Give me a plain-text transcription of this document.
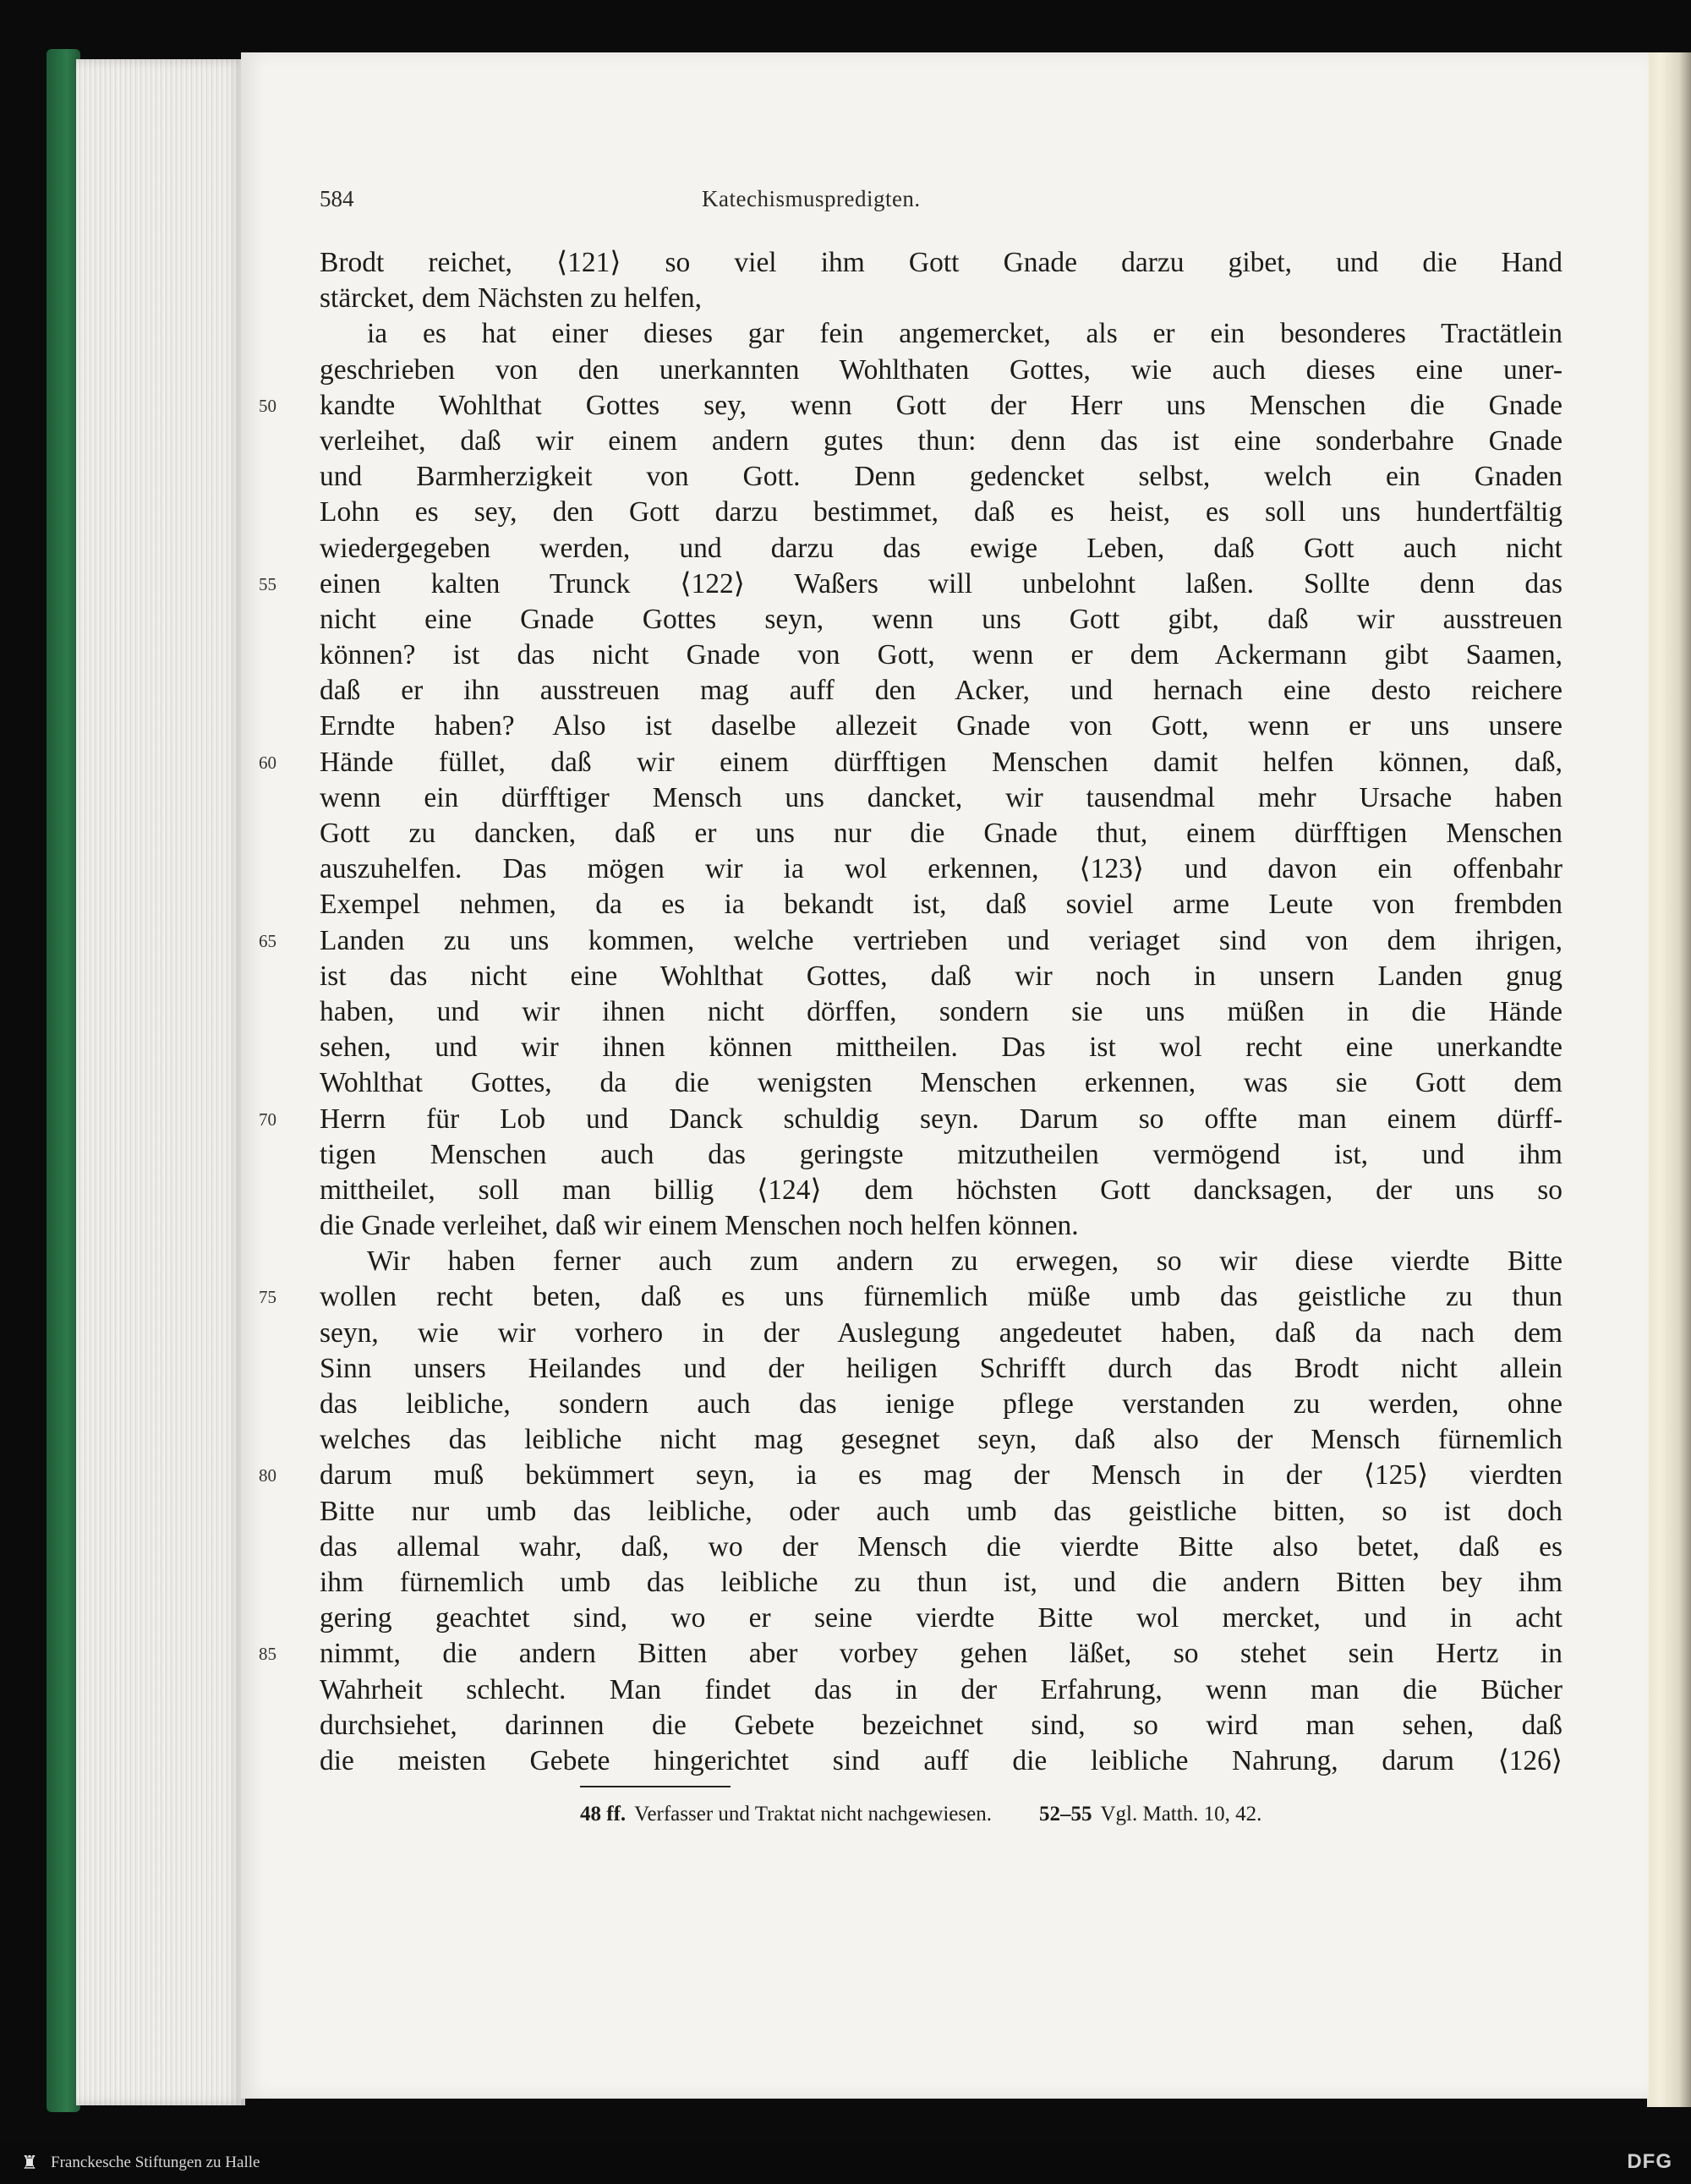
584	Katechismuspredigten.
Brodt reichet, ⟨121⟩ so viel ihm Gott Gnade darzu gibet, und die Hand
stärcket, dem Nächsten zu helfen,
ia es hat einer dieses gar fein angemercket, als er ein besonderes Tractätlein
geschrieben von den unerkannten Wohlthaten Gottes, wie auch dieses eine uner-
50	kandte Wohlthat Gottes sey, wenn Gott der Herr uns Menschen die Gnade
verleihet, daß wir einem andern gutes thun: denn das ist eine sonderbahre Gnade
und Barmherzigkeit von Gott. Denn gedencket selbst, welch ein Gnaden
Lohn es sey, den Gott darzu bestimmet, daß es heist, es soll uns hundertfältig
wiedergegeben werden, und darzu das ewige Leben, daß Gott auch nicht
55	einen kalten Trunck ⟨122⟩ Waßers will unbelohnt laßen. Sollte denn das
nicht eine Gnade Gottes seyn, wenn uns Gott gibt, daß wir ausstreuen
können? ist das nicht Gnade von Gott, wenn er dem Ackermann gibt Saamen,
daß er ihn ausstreuen mag auff den Acker, und hernach eine desto reichere
Erndte haben? Also ist daselbe allezeit Gnade von Gott, wenn er uns unsere
60	Hände füllet, daß wir einem dürfftigen Menschen damit helfen können, daß,
wenn ein dürfftiger Mensch uns dancket, wir tausendmal mehr Ursache haben
Gott zu dancken, daß er uns nur die Gnade thut, einem dürfftigen Menschen
auszuhelfen. Das mögen wir ia wol erkennen, ⟨123⟩ und davon ein offenbahr
Exempel nehmen, da es ia bekandt ist, daß soviel arme Leute von frembden
65	Landen zu uns kommen, welche vertrieben und veriaget sind von dem ihrigen,
ist das nicht eine Wohlthat Gottes, daß wir noch in unsern Landen gnug
haben, und wir ihnen nicht dörffen, sondern sie uns müßen in die Hände
sehen, und wir ihnen können mittheilen. Das ist wol recht eine unerkandte
Wohlthat Gottes, da die wenigsten Menschen erkennen, was sie Gott dem
70	Herrn für Lob und Danck schuldig seyn. Darum so offte man einem dürff-
tigen Menschen auch das geringste mitzutheilen vermögend ist, und ihm
mittheilet, soll man billig ⟨124⟩ dem höchsten Gott dancksagen, der uns so
die Gnade verleihet, daß wir einem Menschen noch helfen können.
Wir haben ferner auch zum andern zu erwegen, so wir diese vierdte Bitte
75	wollen recht beten, daß es uns fürnemlich müße umb das geistliche zu thun
seyn, wie wir vorhero in der Auslegung angedeutet haben, daß da nach dem
Sinn unsers Heilandes und der heiligen Schrifft durch das Brodt nicht allein
das leibliche, sondern auch das ienige pflege verstanden zu werden, ohne
welches das leibliche nicht mag gesegnet seyn, daß also der Mensch fürnemlich
80	darum muß bekümmert seyn, ia es mag der Mensch in der ⟨125⟩ vierdten
Bitte nur umb das leibliche, oder auch umb das geistliche bitten, so ist doch
das allemal wahr, daß, wo der Mensch die vierdte Bitte also betet, daß es
ihm fürnemlich umb das leibliche zu thun ist, und die andern Bitten bey ihm
gering geachtet sind, wo er seine vierdte Bitte wol mercket, und in acht
85	nimmt, die andern Bitten aber vorbey gehen läßet, so stehet sein Hertz in
Wahrheit schlecht. Man findet das in der Erfahrung, wenn man die Bücher
durchsiehet, darinnen die Gebete bezeichnet sind, so wird man sehen, daß
die meisten Gebete hingerichtet sind auff die leibliche Nahrung, darum ⟨126⟩
48 ff. Verfasser und Traktat nicht nachgewiesen. 52–55 Vgl. Matth. 10, 42.
♜ Franckesche Stiftungen zu Halle	DFG
